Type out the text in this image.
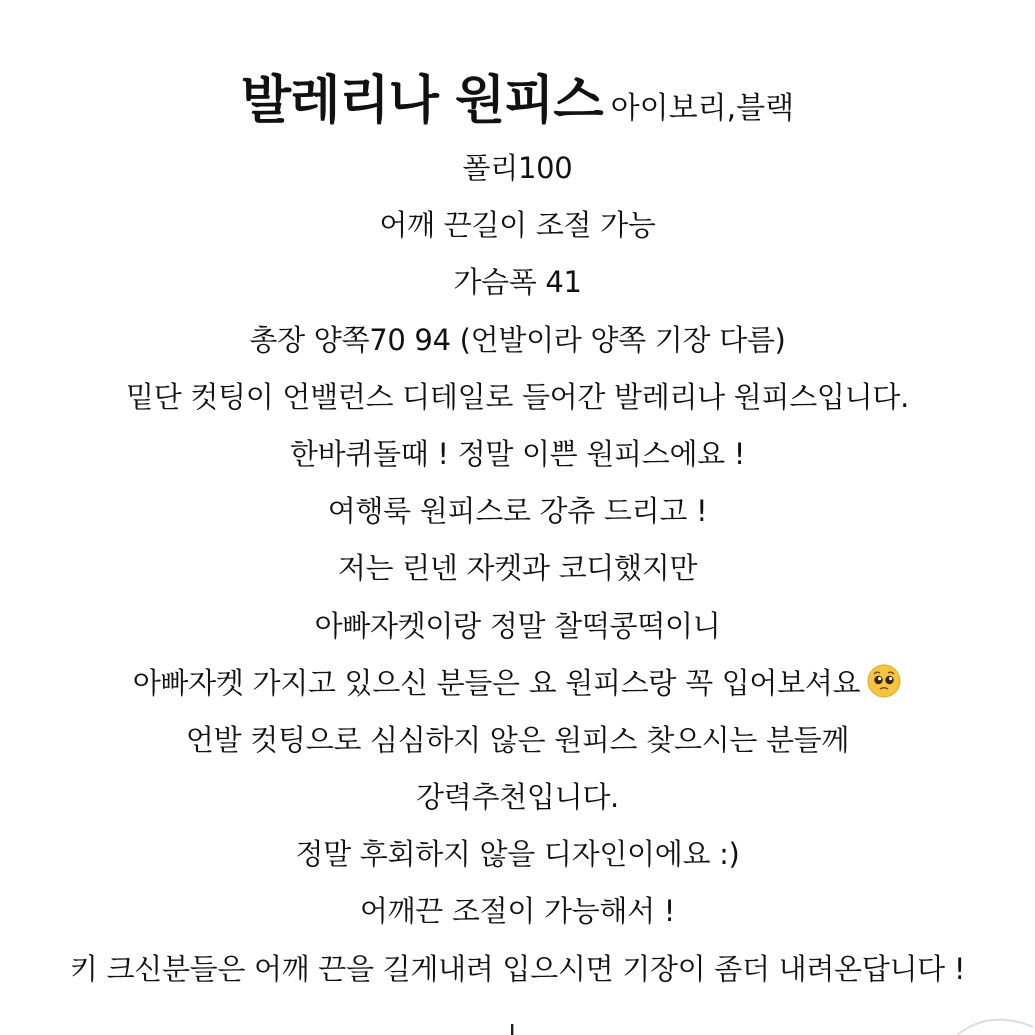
발레리나 원피스 아이보리,블랙
폴리100
어깨 끈길이 조절 가능
가슴폭 41
총장 양쪽70 94 (언발이라 양쪽 기장 다름)
밑단 컷팅이 언밸런스 디테일로 들어간 발레리나 원피스입니다.
한바퀴돌때 ! 정말 이쁜 원피스에요 !
여행룩 원피스로 강츄 드리고 !
저는 린넨 자켓과 코디했지만
아빠자켓이랑 정말 찰떡콩떡이니
아빠자켓 가지고 있으신 분들은 요 원피스랑 꼭 입어보셔요
언발 컷팅으로 심심하지 않은 원피스 찾으시는 분들께
강력추천입니다.
정말 후회하지 않을 디자인이에요 :)
어깨끈 조절이 가능해서 !
키 크신분들은 어깨 끈을 길게내려 입으시면 기장이 좀더 내려온답니다 !
